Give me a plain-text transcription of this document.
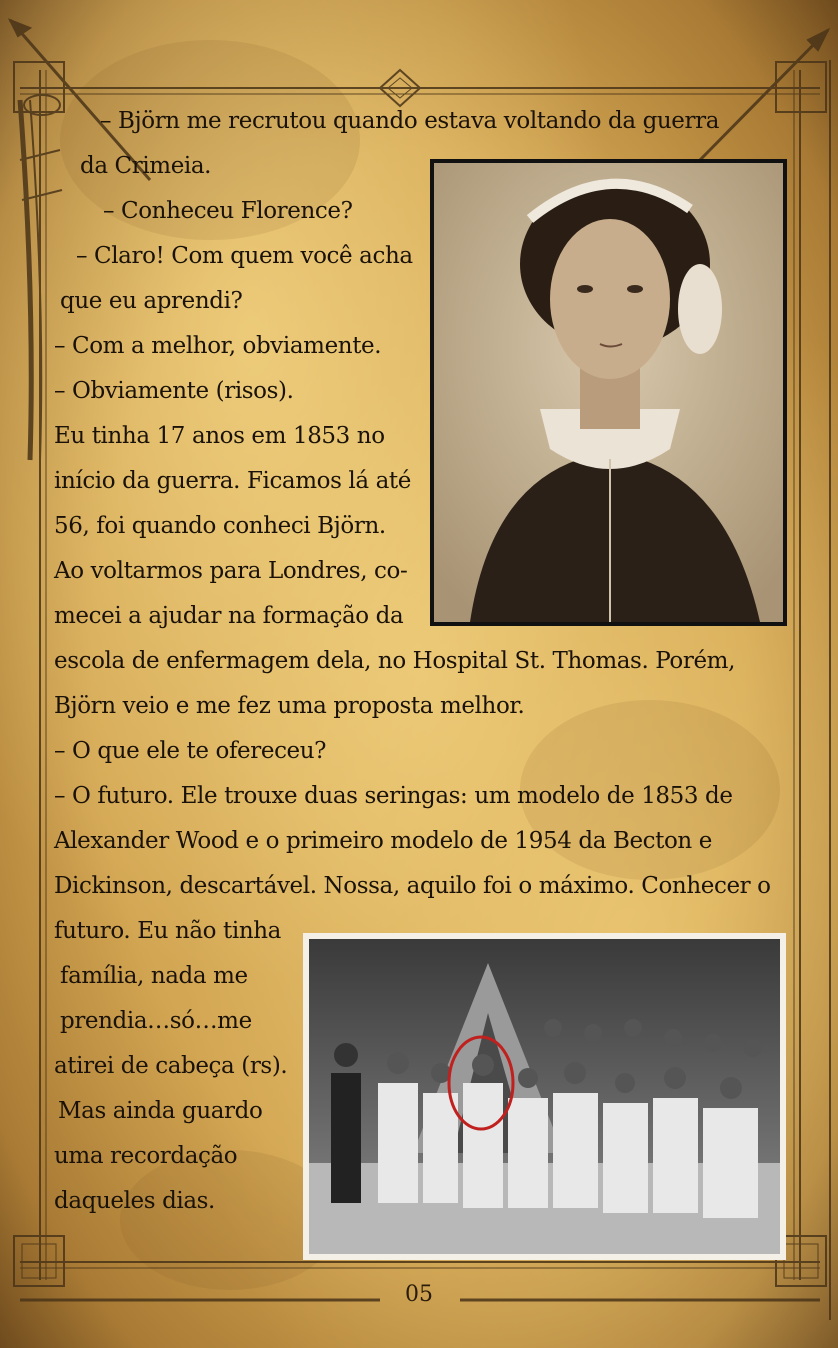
– Björn me recrutou quando estava voltando da guerra
da Crimeia.
– Conheceu Florence?
– Claro! Com quem você acha
que eu aprendi?
– Com a melhor, obviamente.
– Obviamente (risos).
Eu tinha 17 anos em 1853 no
início da guerra. Ficamos lá até
56, foi quando conheci Björn.
Ao voltarmos para Londres, co-
mecei a ajudar na formação da
escola de enfermagem dela, no Hospital St. Thomas. Porém,
Björn veio e me fez uma proposta melhor.
– O que ele te ofereceu?
– O futuro. Ele trouxe duas seringas: um modelo de 1853 de
Alexander Wood e o primeiro modelo de 1954 da Becton e
Dickinson, descartável. Nossa, aquilo foi o máximo. Conhecer o
futuro. Eu não tinha
família, nada me
prendia…só…me
atirei de cabeça (rs).
Mas ainda guardo
uma recordação
daqueles dias.
05
